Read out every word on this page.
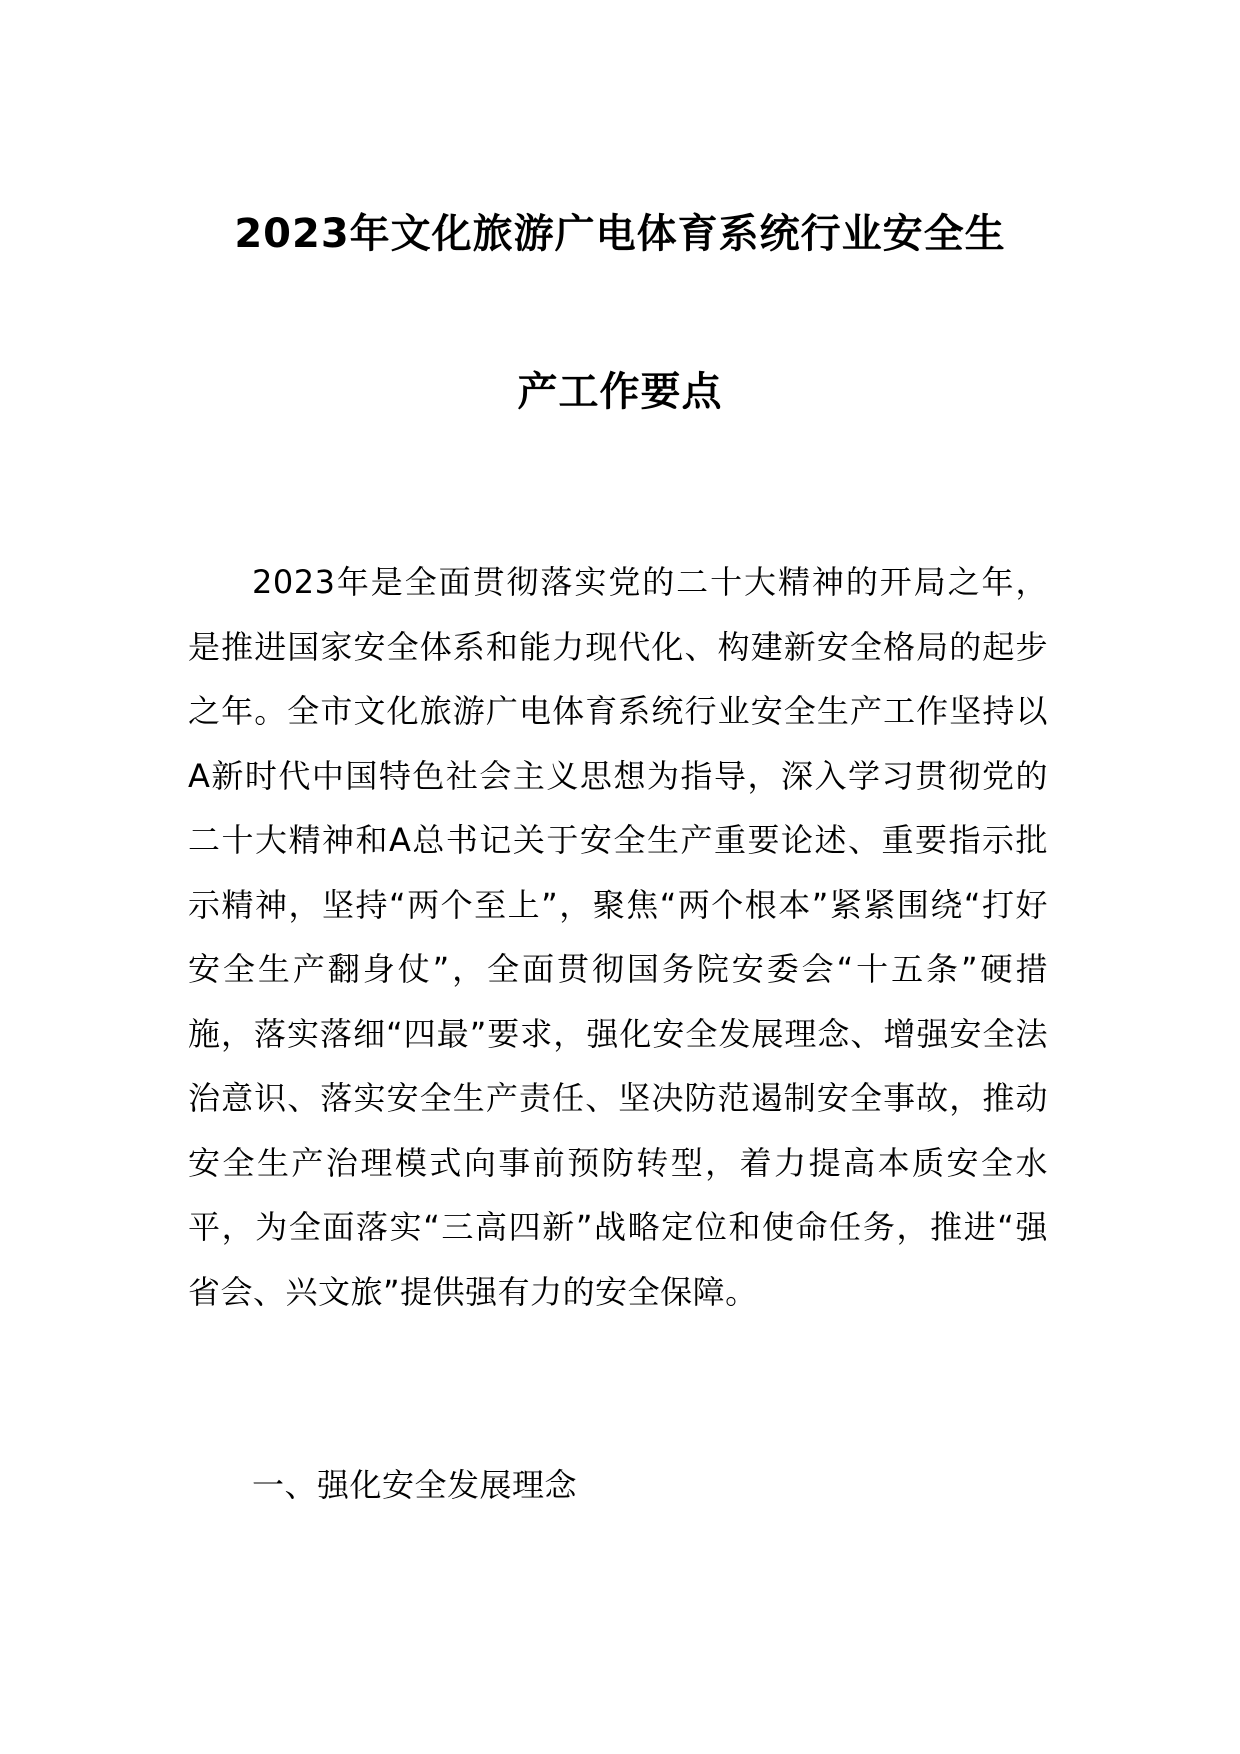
2023年文化旅游广电体育系统行业安全生
产工作要点

2023年是全面贯彻落实党的二十大精神的开局之年，是推进国家安全体系和能力现代化、构建新安全格局的起步之年。全市文化旅游广电体育系统行业安全生产工作坚持以A新时代中国特色社会主义思想为指导，深入学习贯彻党的二十大精神和A总书记关于安全生产重要论述、重要指示批示精神，坚持“两个至上”，聚焦“两个根本”紧紧围绕“打好安全生产翻身仗”，全面贯彻国务院安委会“十五条”硬措施，落实落细“四最”要求，强化安全发展理念、增强安全法治意识、落实安全生产责任、坚决防范遏制安全事故，推动安全生产治理模式向事前预防转型，着力提高本质安全水平，为全面落实“三高四新”战略定位和使命任务，推进“强省会、兴文旅”提供强有力的安全保障。

一、强化安全发展理念
